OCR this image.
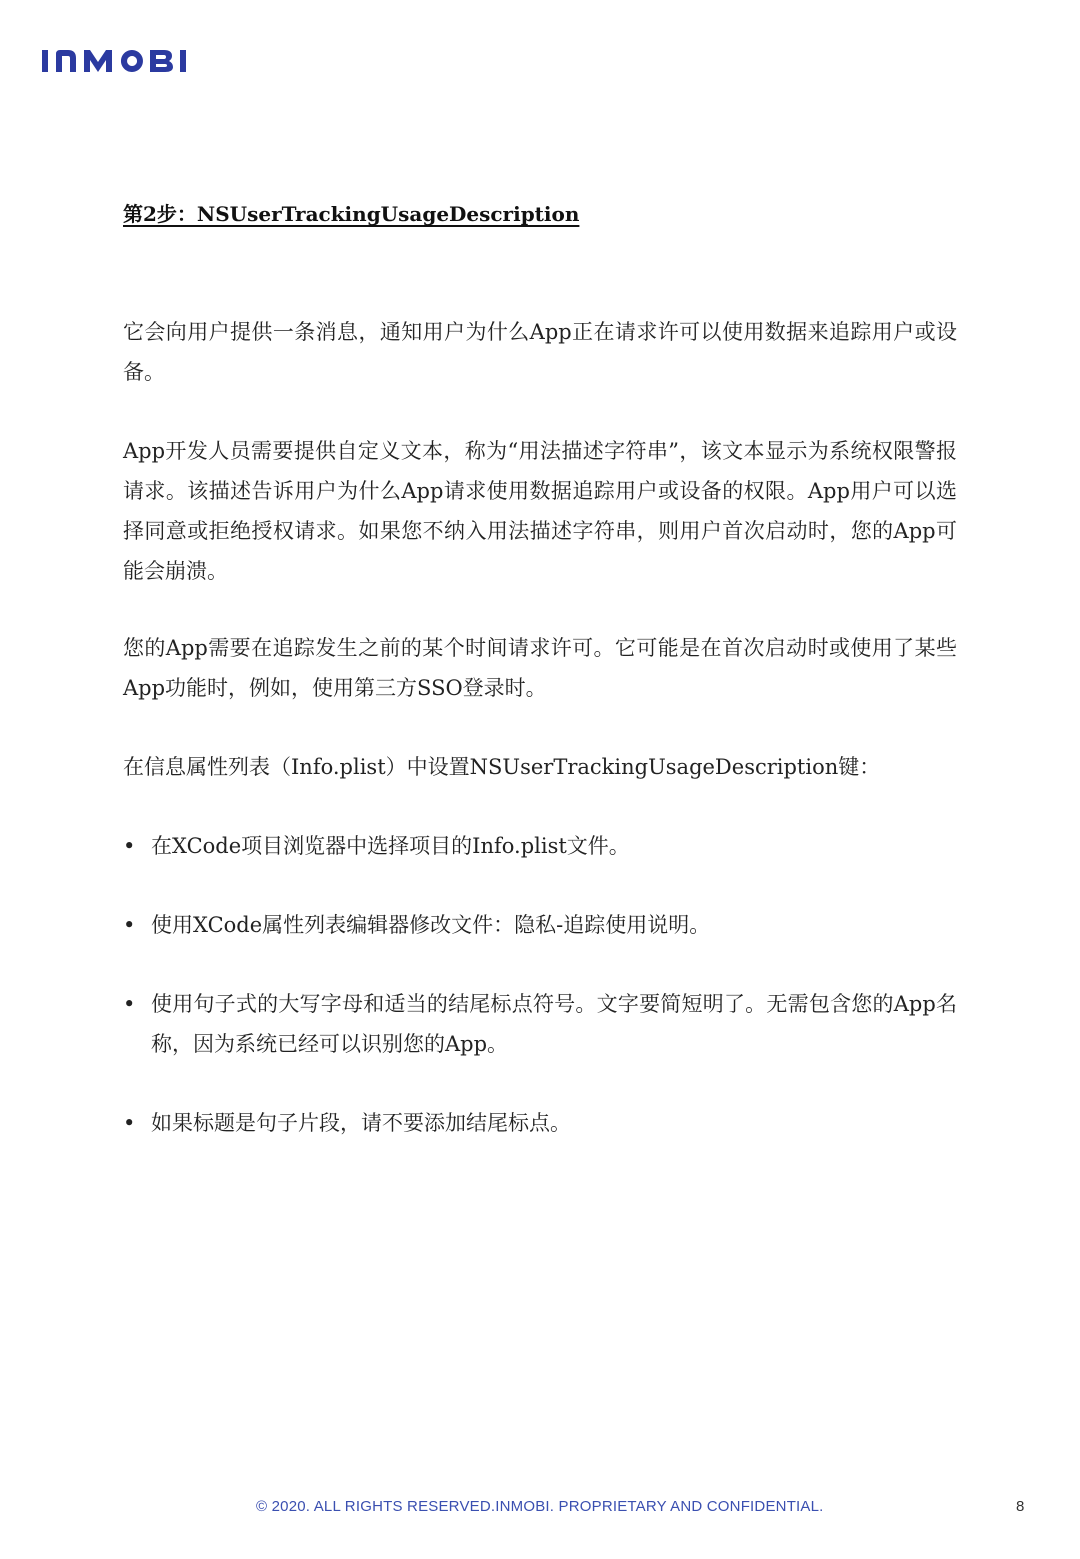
第2步：NSUserTrackingUsageDescription
它会向用户提供一条消息，通知用户为什么App正在请求许可以使用数据来追踪用户或设备。
App开发人员需要提供自定义文本，称为“用法描述字符串”，该文本显示为系统权限警报请求。该描述告诉用户为什么App请求使用数据追踪用户或设备的权限。App用户可以选择同意或拒绝授权请求。如果您不纳入用法描述字符串，则用户首次启动时，您的App可能会崩溃。
您的App需要在追踪发生之前的某个时间请求许可。它可能是在首次启动时或使用了某些App功能时，例如，使用第三方SSO登录时。
在信息属性列表（Info.plist）中设置NSUserTrackingUsageDescription键：
• 在XCode项目浏览器中选择项目的Info.plist文件。
• 使用XCode属性列表编辑器修改文件：隐私-追踪使用说明。
• 使用句子式的大写字母和适当的结尾标点符号。文字要简短明了。无需包含您的App名称，因为系统已经可以识别您的App。
• 如果标题是句子片段，请不要添加结尾标点。
© 2020. ALL RIGHTS RESERVED.INMOBI. PROPRIETARY AND CONFIDENTIAL.	8
